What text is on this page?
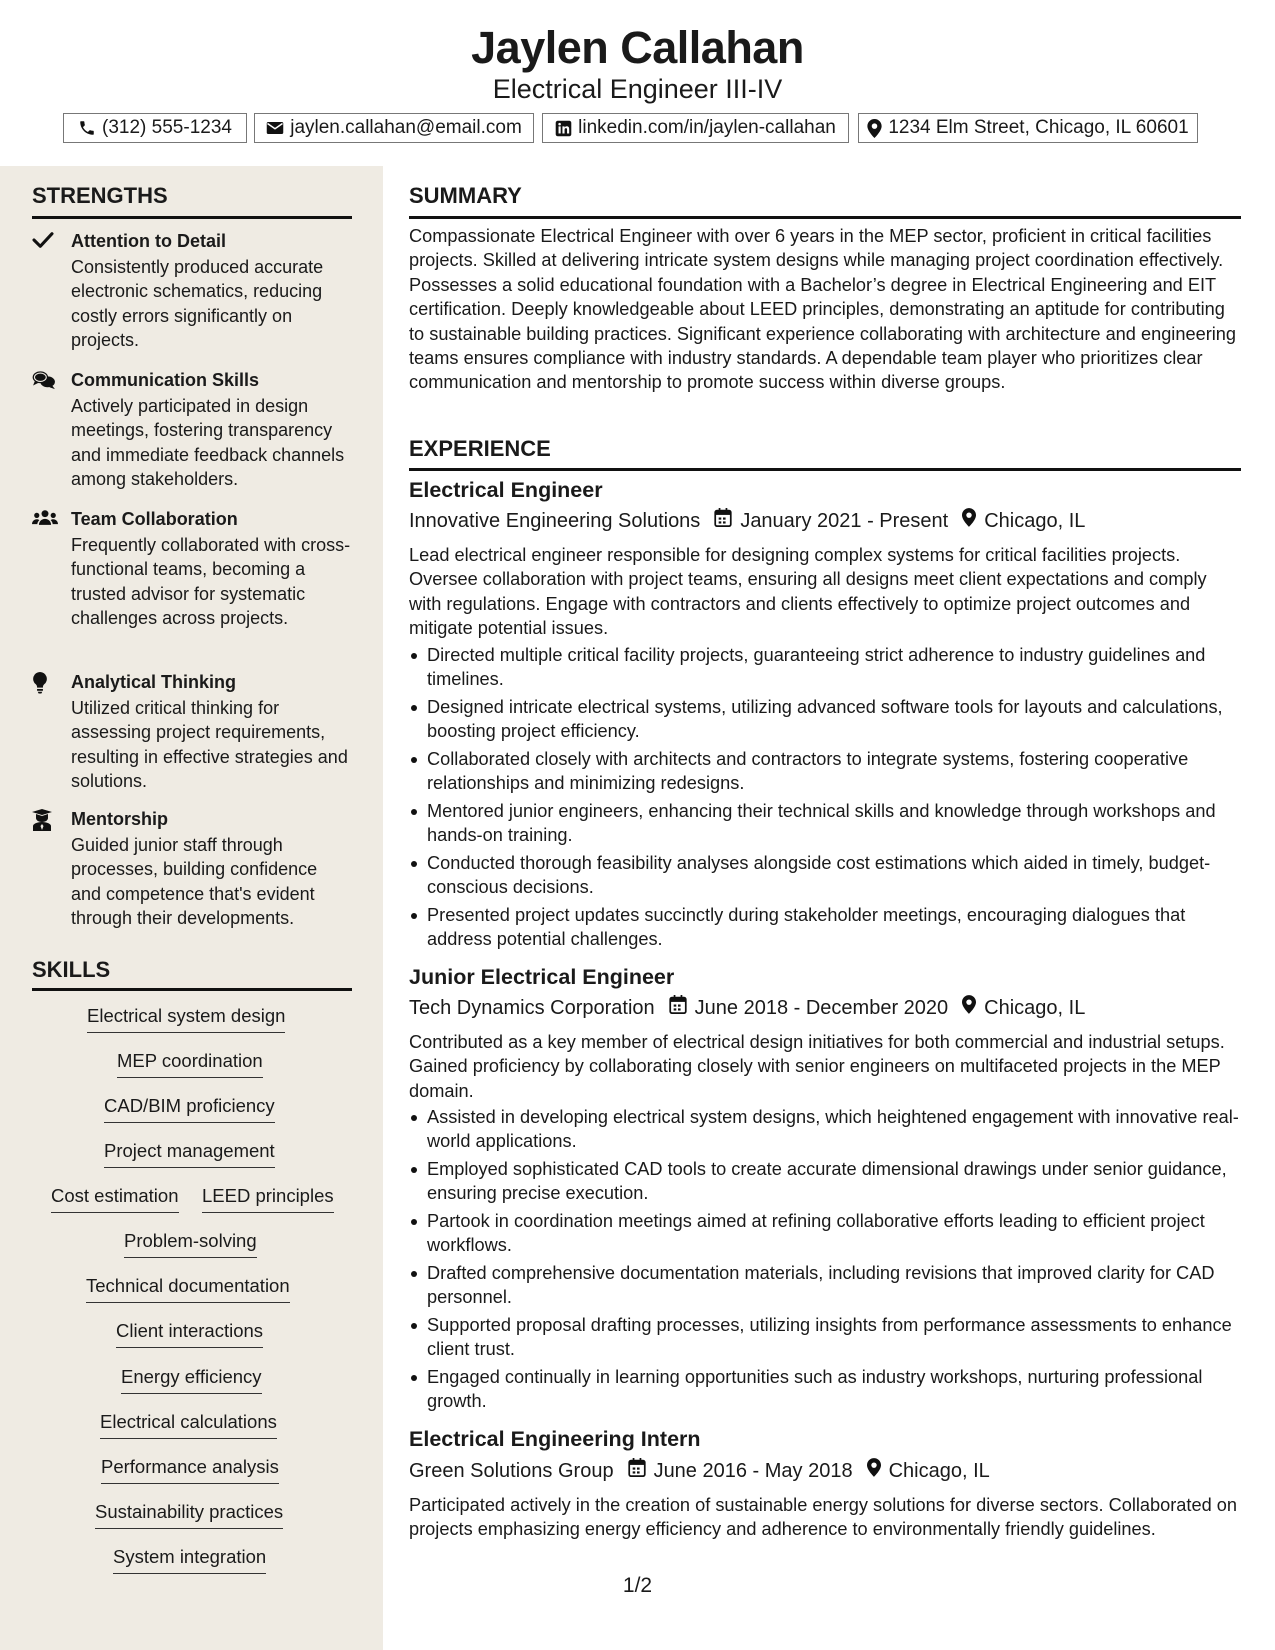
Jaylen Callahan
Electrical Engineer III-IV
(312) 555-1234	jaylen.callahan@email.com	linkedin.com/in/jaylen-callahan	1234 Elm Street, Chicago, IL 60601
STRENGTHS
Attention to Detail
Consistently produced accurate electronic schematics, reducing costly errors significantly on projects.
Communication Skills
Actively participated in design meetings, fostering transparency and immediate feedback channels among stakeholders.
Team Collaboration
Frequently collaborated with cross-functional teams, becoming a trusted advisor for systematic challenges across projects.
Analytical Thinking
Utilized critical thinking for assessing project requirements, resulting in effective strategies and solutions.
Mentorship
Guided junior staff through processes, building confidence and competence that's evident through their developments.
SKILLS
Electrical system design
MEP coordination
CAD/BIM proficiency
Project management
Cost estimation LEED principles
Problem-solving
Technical documentation
Client interactions
Energy efficiency
Electrical calculations
Performance analysis
Sustainability practices
System integration
SUMMARY
Compassionate Electrical Engineer with over 6 years in the MEP sector, proficient in critical facilities projects. Skilled at delivering intricate system designs while managing project coordination effectively. Possesses a solid educational foundation with a Bachelor’s degree in Electrical Engineering and EIT certification. Deeply knowledgeable about LEED principles, demonstrating an aptitude for contributing to sustainable building practices. Significant experience collaborating with architecture and engineering teams ensures compliance with industry standards. A dependable team player who prioritizes clear communication and mentorship to promote success within diverse groups.
EXPERIENCE
Electrical Engineer
Innovative Engineering Solutions January 2021 - Present Chicago, IL
Lead electrical engineer responsible for designing complex systems for critical facilities projects. Oversee collaboration with project teams, ensuring all designs meet client expectations and comply with regulations. Engage with contractors and clients effectively to optimize project outcomes and mitigate potential issues.
Directed multiple critical facility projects, guaranteeing strict adherence to industry guidelines and timelines.
Designed intricate electrical systems, utilizing advanced software tools for layouts and calculations, boosting project efficiency.
Collaborated closely with architects and contractors to integrate systems, fostering cooperative relationships and minimizing redesigns.
Mentored junior engineers, enhancing their technical skills and knowledge through workshops and hands-on training.
Conducted thorough feasibility analyses alongside cost estimations which aided in timely, budget-conscious decisions.
Presented project updates succinctly during stakeholder meetings, encouraging dialogues that address potential challenges.
Junior Electrical Engineer
Tech Dynamics Corporation June 2018 - December 2020 Chicago, IL
Contributed as a key member of electrical design initiatives for both commercial and industrial setups. Gained proficiency by collaborating closely with senior engineers on multifaceted projects in the MEP domain.
Assisted in developing electrical system designs, which heightened engagement with innovative real-world applications.
Employed sophisticated CAD tools to create accurate dimensional drawings under senior guidance, ensuring precise execution.
Partook in coordination meetings aimed at refining collaborative efforts leading to efficient project workflows.
Drafted comprehensive documentation materials, including revisions that improved clarity for CAD personnel.
Supported proposal drafting processes, utilizing insights from performance assessments to enhance client trust.
Engaged continually in learning opportunities such as industry workshops, nurturing professional growth.
Electrical Engineering Intern
Green Solutions Group June 2016 - May 2018 Chicago, IL
Participated actively in the creation of sustainable energy solutions for diverse sectors. Collaborated on projects emphasizing energy efficiency and adherence to environmentally friendly guidelines.
1/2
